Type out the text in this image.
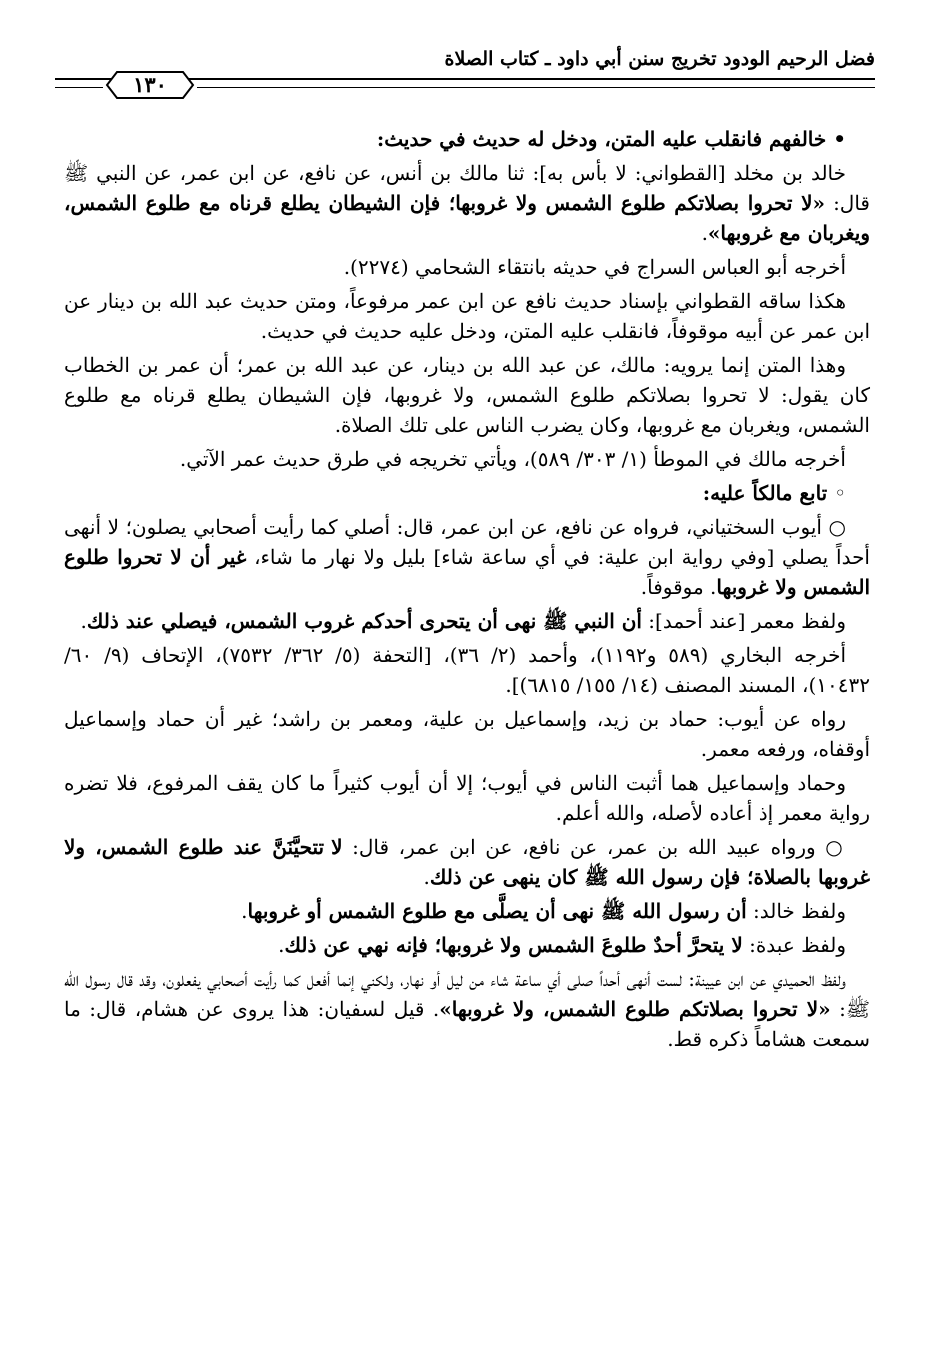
فضل الرحيم الودود تخريج سنن أبي داود ـ كتاب الصلاة
١٣٠

• خالفهم فانقلب عليه المتن، ودخل له حديث في حديث:

خالد بن مخلد [القطواني: لا بأس به]: ثنا مالك بن أنس، عن نافع، عن ابن عمر، عن النبي ﷺ قال: «لا تحروا بصلاتكم طلوع الشمس ولا غروبها؛ فإن الشيطان يطلع قرناه مع طلوع الشمس، ويغربان مع غروبها».

أخرجه أبو العباس السراج في حديثه بانتقاء الشحامي (٢٢٧٤).

هكذا ساقه القطواني بإسناد حديث نافع عن ابن عمر مرفوعاً، ومتن حديث عبد الله بن دينار عن ابن عمر عن أبيه موقوفاً، فانقلب عليه المتن، ودخل عليه حديث في حديث.

وهذا المتن إنما يرويه: مالك، عن عبد الله بن دينار، عن عبد الله بن عمر؛ أن عمر بن الخطاب كان يقول: لا تحروا بصلاتكم طلوع الشمس، ولا غروبها، فإن الشيطان يطلع قرناه مع طلوع الشمس، ويغربان مع غروبها، وكان يضرب الناس على تلك الصلاة.

أخرجه مالك في الموطأ (١/ ٣٠٣/ ٥٨٩)، ويأتي تخريجه في طرق حديث عمر الآتي.

◦ تابع مالكاً عليه:

○ أيوب السختياني، فرواه عن نافع، عن ابن عمر، قال: أصلي كما رأيت أصحابي يصلون؛ لا أنهى أحداً يصلي [وفي رواية ابن علية: في أي ساعة شاء] بليل ولا نهار ما شاء، غير أن لا تحروا طلوع الشمس ولا غروبها. موقوفاً.

ولفظ معمر [عند أحمد]: أن النبي ﷺ نهى أن يتحرى أحدكم غروب الشمس، فيصلي عند ذلك.

أخرجه البخاري (٥٨٩ و١١٩٢)، وأحمد (٢/ ٣٦)، [التحفة (٥/ ٣٦٢/ ٧٥٣٢)، الإتحاف (٩/ ٦٠/ ١٠٤٣٢)، المسند المصنف (١٤/ ١٥٥/ ٦٨١٥)].

رواه عن أيوب: حماد بن زيد، وإسماعيل بن علية، ومعمر بن راشد؛ غير أن حماد وإسماعيل أوقفاه، ورفعه معمر.

وحماد وإسماعيل هما أثبت الناس في أيوب؛ إلا أن أيوب كثيراً ما كان يقف المرفوع، فلا تضره رواية معمر إذ أعاده لأصله، والله أعلم.

○ ورواه عبيد الله بن عمر، عن نافع، عن ابن عمر، قال: لا تتحيَّنَنَّ عند طلوع الشمس، ولا غروبها بالصلاة؛ فإن رسول الله ﷺ كان ينهى عن ذلك.

ولفظ خالد: أن رسول الله ﷺ نهى أن يصلَّى مع طلوع الشمس أو غروبها.

ولفظ عبدة: لا يتحرَّ أحدٌ طلوعَ الشمس ولا غروبها؛ فإنه نهي عن ذلك.

ولفظ الحميدي عن ابن عيينة: لست أنهى أحداً صلى أي ساعة شاء من ليل أو نهار، ولكني إنما أفعل كما رأيت أصحابي يفعلون، وقد قال رسول الله ﷺ: «لا تحروا بصلاتكم طلوع الشمس، ولا غروبها». قيل لسفيان: هذا يروى عن هشام، قال: ما سمعت هشاماً ذكره قط.
